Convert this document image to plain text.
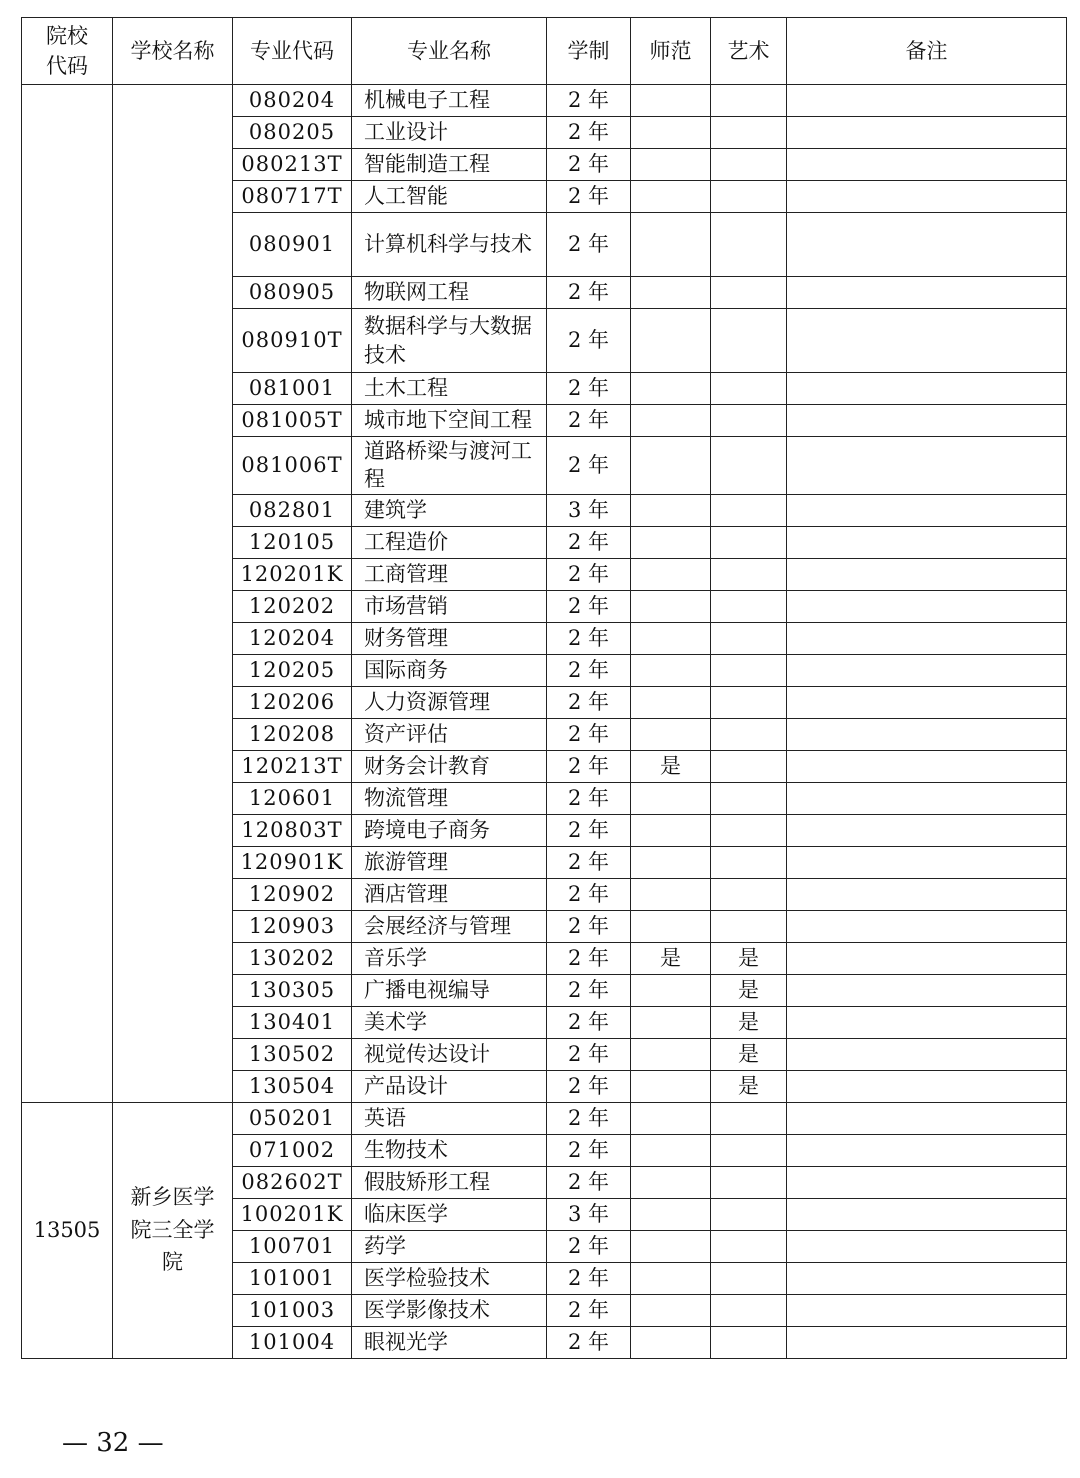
院校
代码	学校名称	专业代码	专业名称	学制	师范	艺术	备注
		080204	机械电子工程	2 年			
		080205	工业设计	2 年			
		080213T	智能制造工程	2 年			
		080717T	人工智能	2 年			
		080901	计算机科学与技术	2 年			
		080905	物联网工程	2 年			
		080910T	数据科学与大数据技术	2 年			
		081001	土木工程	2 年			
		081005T	城市地下空间工程	2 年			
		081006T	道路桥梁与渡河工程	2 年			
		082801	建筑学	3 年			
		120105	工程造价	2 年			
		120201K	工商管理	2 年			
		120202	市场营销	2 年			
		120204	财务管理	2 年			
		120205	国际商务	2 年			
		120206	人力资源管理	2 年			
		120208	资产评估	2 年			
		120213T	财务会计教育	2 年	是		
		120601	物流管理	2 年			
		120803T	跨境电子商务	2 年			
		120901K	旅游管理	2 年			
		120902	酒店管理	2 年			
		120903	会展经济与管理	2 年			
		130202	音乐学	2 年	是	是	
		130305	广播电视编导	2 年		是	
		130401	美术学	2 年		是	
		130502	视觉传达设计	2 年		是	
		130504	产品设计	2 年		是	
13505	新乡医学院三全学院	050201	英语	2 年			
		071002	生物技术	2 年			
		082602T	假肢矫形工程	2 年			
		100201K	临床医学	3 年			
		100701	药学	2 年			
		101001	医学检验技术	2 年			
		101003	医学影像技术	2 年			
		101004	眼视光学	2 年			
— 32 —
